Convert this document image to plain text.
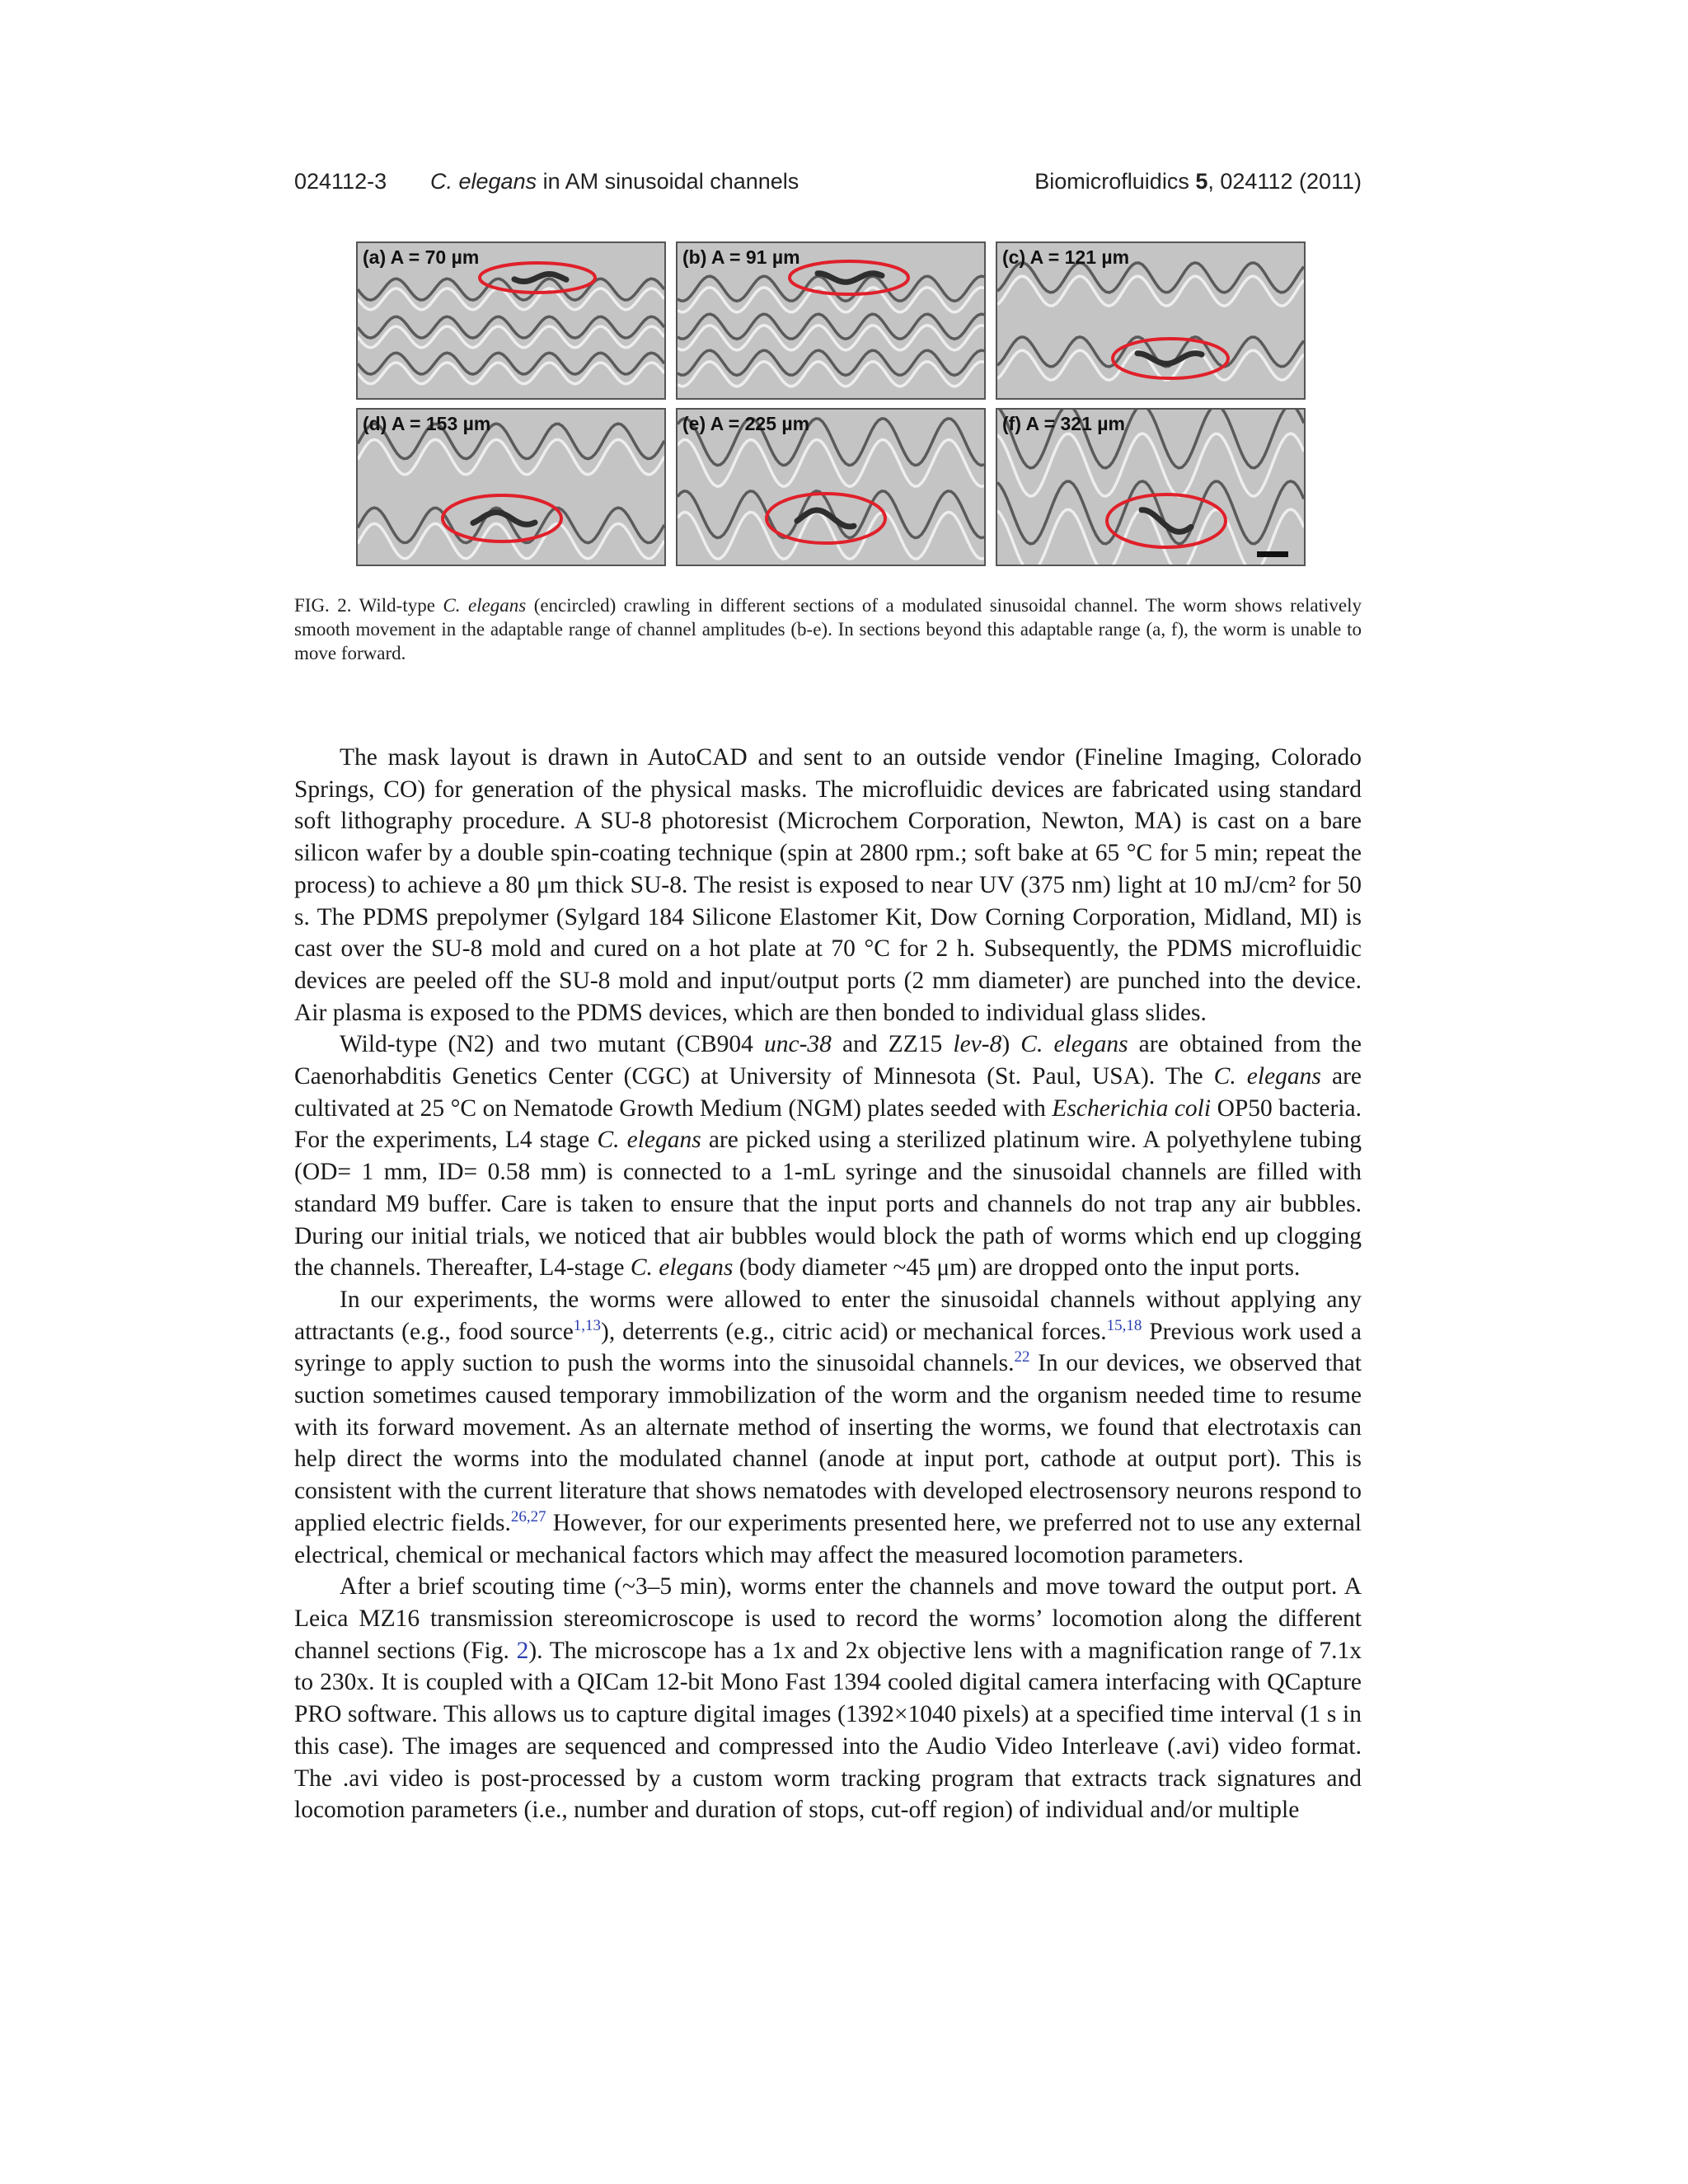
024112-3 C. elegans in AM sinusoidal channels	Biomicrofluidics 5, 024112 (2011)
(a) A = 70 µm	(b) A = 91 µm	(c) A = 121 µm
(d) A = 153 µm	(e) A = 225 µm	(f) A = 321 µm
FIG. 2. Wild-type C. elegans (encircled) crawling in different sections of a modulated sinusoidal channel. The worm shows relatively smooth movement in the adaptable range of channel amplitudes (b-e). In sections beyond this adaptable range (a, f), the worm is unable to move forward.

The mask layout is drawn in AutoCAD and sent to an outside vendor (Fineline Imaging, Colorado Springs, CO) for generation of the physical masks. The microfluidic devices are fabricated using standard soft lithography procedure. A SU-8 photoresist (Microchem Corporation, Newton, MA) is cast on a bare silicon wafer by a double spin-coating technique (spin at 2800 rpm.; soft bake at 65 °C for 5 min; repeat the process) to achieve a 80 μm thick SU-8. The resist is exposed to near UV (375 nm) light at 10 mJ/cm² for 50 s. The PDMS prepolymer (Sylgard 184 Silicone Elastomer Kit, Dow Corning Corporation, Midland, MI) is cast over the SU-8 mold and cured on a hot plate at 70 °C for 2 h. Subsequently, the PDMS microfluidic devices are peeled off the SU-8 mold and input/output ports (2 mm diameter) are punched into the device. Air plasma is exposed to the PDMS devices, which are then bonded to individual glass slides.

Wild-type (N2) and two mutant (CB904 unc-38 and ZZ15 lev-8) C. elegans are obtained from the Caenorhabditis Genetics Center (CGC) at University of Minnesota (St. Paul, USA). The C. elegans are cultivated at 25 °C on Nematode Growth Medium (NGM) plates seeded with Escherichia coli OP50 bacteria. For the experiments, L4 stage C. elegans are picked using a sterilized platinum wire. A polyethylene tubing (OD= 1 mm, ID= 0.58 mm) is connected to a 1-mL syringe and the sinusoidal channels are filled with standard M9 buffer. Care is taken to ensure that the input ports and channels do not trap any air bubbles. During our initial trials, we noticed that air bubbles would block the path of worms which end up clogging the channels. Thereafter, L4-stage C. elegans (body diameter ~45 μm) are dropped onto the input ports.

In our experiments, the worms were allowed to enter the sinusoidal channels without applying any attractants (e.g., food source$^{1,13}$), deterrents (e.g., citric acid) or mechanical forces.$^{15,18}$ Previous work used a syringe to apply suction to push the worms into the sinusoidal channels.$^{22}$ In our devices, we observed that suction sometimes caused temporary immobilization of the worm and the organism needed time to resume with its forward movement. As an alternate method of inserting the worms, we found that electrotaxis can help direct the worms into the modulated channel (anode at input port, cathode at output port). This is consistent with the current literature that shows nematodes with developed electrosensory neurons respond to applied electric fields.$^{26,27}$ However, for our experiments presented here, we preferred not to use any external electrical, chemical or mechanical factors which may affect the measured locomotion parameters.

After a brief scouting time (~3–5 min), worms enter the channels and move toward the output port. A Leica MZ16 transmission stereomicroscope is used to record the worms’ locomotion along the different channel sections (Fig. 2). The microscope has a 1x and 2x objective lens with a magnification range of 7.1x to 230x. It is coupled with a QICam 12-bit Mono Fast 1394 cooled digital camera interfacing with QCapture PRO software. This allows us to capture digital images (1392×1040 pixels) at a specified time interval (1 s in this case). The images are sequenced and compressed into the Audio Video Interleave (.avi) video format. The .avi video is post-processed by a custom worm tracking program that extracts track signatures and locomotion parameters (i.e., number and duration of stops, cut-off region) of individual and/or multiple
